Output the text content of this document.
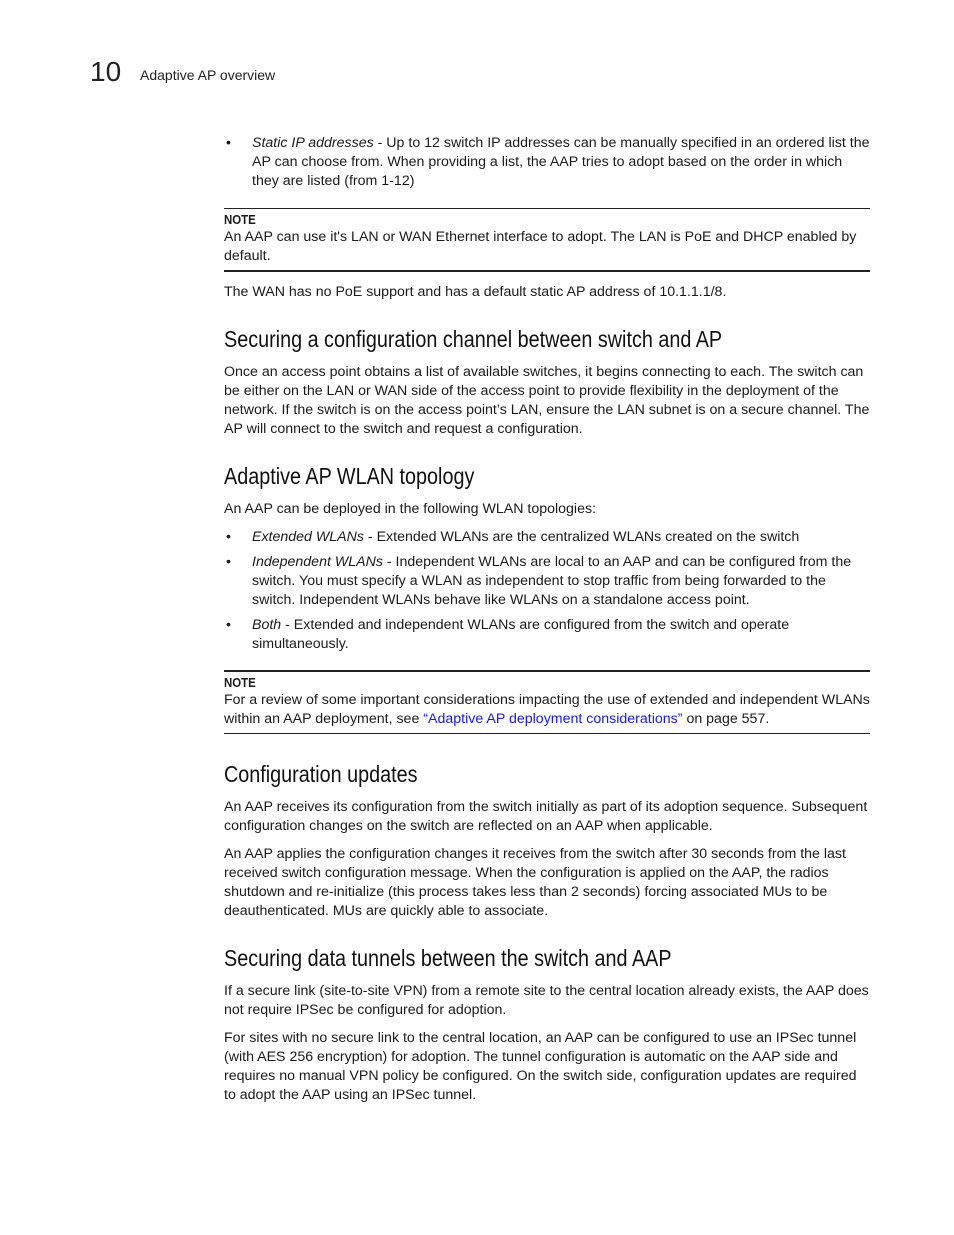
10 Adaptive AP overview
• Static IP addresses - Up to 12 switch IP addresses can be manually specified in an ordered list the AP can choose from. When providing a list, the AAP tries to adopt based on the order in which they are listed (from 1-12)
NOTE
An AAP can use it's LAN or WAN Ethernet interface to adopt. The LAN is PoE and DHCP enabled by default.

The WAN has no PoE support and has a default static AP address of 10.1.1.1/8.

Securing a configuration channel between switch and AP

Once an access point obtains a list of available switches, it begins connecting to each. The switch can be either on the LAN or WAN side of the access point to provide flexibility in the deployment of the network. If the switch is on the access point’s LAN, ensure the LAN subnet is on a secure channel. The AP will connect to the switch and request a configuration.

Adaptive AP WLAN topology

An AAP can be deployed in the following WLAN topologies:

• Extended WLANs - Extended WLANs are the centralized WLANs created on the switch
• Independent WLANs - Independent WLANs are local to an AAP and can be configured from the switch. You must specify a WLAN as independent to stop traffic from being forwarded to the switch. Independent WLANs behave like WLANs on a standalone access point.
• Both - Extended and independent WLANs are configured from the switch and operate simultaneously.
NOTE
For a review of some important considerations impacting the use of extended and independent WLANs within an AAP deployment, see “Adaptive AP deployment considerations” on page 557.
Configuration updates

An AAP receives its configuration from the switch initially as part of its adoption sequence. Subsequent configuration changes on the switch are reflected on an AAP when applicable.

An AAP applies the configuration changes it receives from the switch after 30 seconds from the last received switch configuration message. When the configuration is applied on the AAP, the radios shutdown and re-initialize (this process takes less than 2 seconds) forcing associated MUs to be deauthenticated. MUs are quickly able to associate.

Securing data tunnels between the switch and AAP

If a secure link (site-to-site VPN) from a remote site to the central location already exists, the AAP does not require IPSec be configured for adoption.

For sites with no secure link to the central location, an AAP can be configured to use an IPSec tunnel (with AES 256 encryption) for adoption. The tunnel configuration is automatic on the AAP side and requires no manual VPN policy be configured. On the switch side, configuration updates are required to adopt the AAP using an IPSec tunnel.
